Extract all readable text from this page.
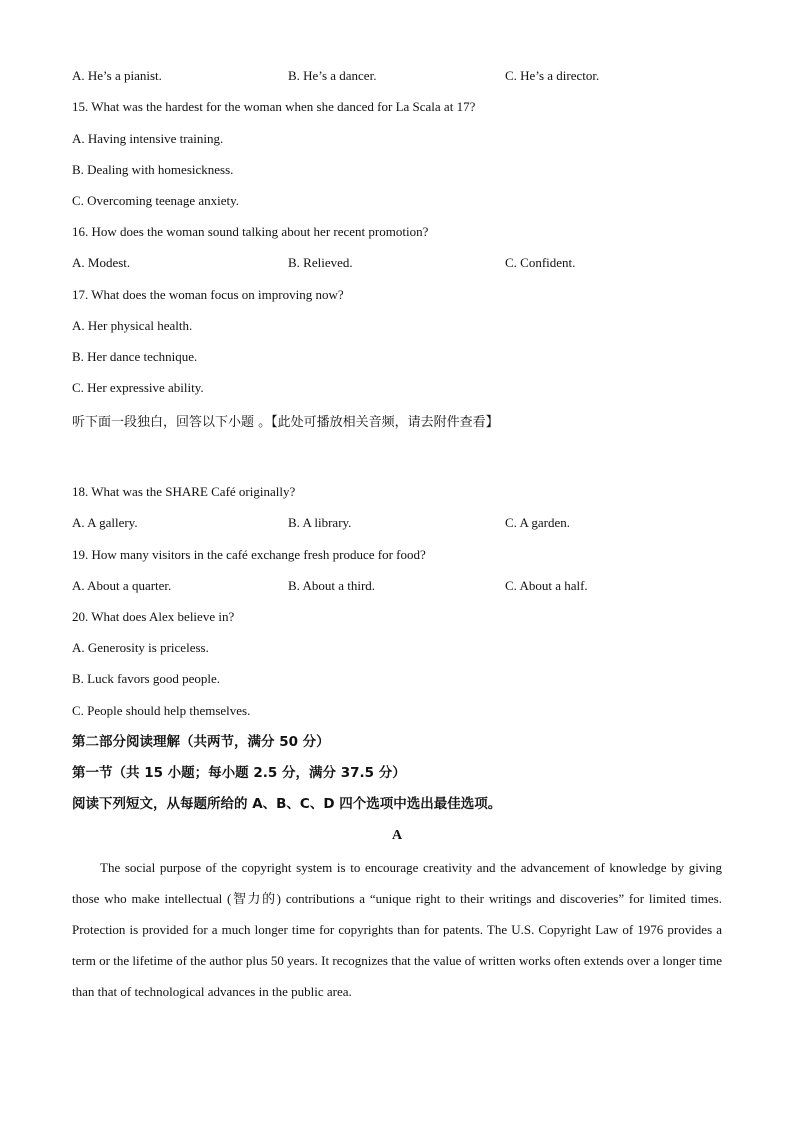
A. He’s a pianist.	B. He’s a dancer.	C. He’s a director.
15. What was the hardest for the woman when she danced for La Scala at 17?
A. Having intensive training.
B. Dealing with homesickness.
C. Overcoming teenage anxiety.
16. How does the woman sound talking about her recent promotion?
A. Modest.	B. Relieved.	C. Confident.
17. What does the woman focus on improving now?
A. Her physical health.
B. Her dance technique.
C. Her expressive ability.
听下面一段独白，回答以下小题 。【此处可播放相关音频，请去附件查看】
18. What was the SHARE Café originally?
A. A gallery.	B. A library.	C. A garden.
19. How many visitors in the café exchange fresh produce for food?
A. About a quarter.	B. About a third.	C. About a half.
20. What does Alex believe in?
A. Generosity is priceless.
B. Luck favors good people.
C. People should help themselves.
第二部分阅读理解（共两节，满分 50 分）
第一节（共 15 小题；每小题 2.5 分，满分 37.5 分）
阅读下列短文，从每题所给的 A、B、C、D 四个选项中选出最佳选项。
A
The social purpose of the copyright system is to encourage creativity and the advancement of knowledge by giving those who make intellectual (智力的) contributions a “unique right to their writings and discoveries” for limited times. Protection is provided for a much longer time for copyrights than for patents. The U.S. Copyright Law of 1976 provides a term or the lifetime of the author plus 50 years. It recognizes that the value of written works often extends over a longer time than that of technological advances in the public area.
